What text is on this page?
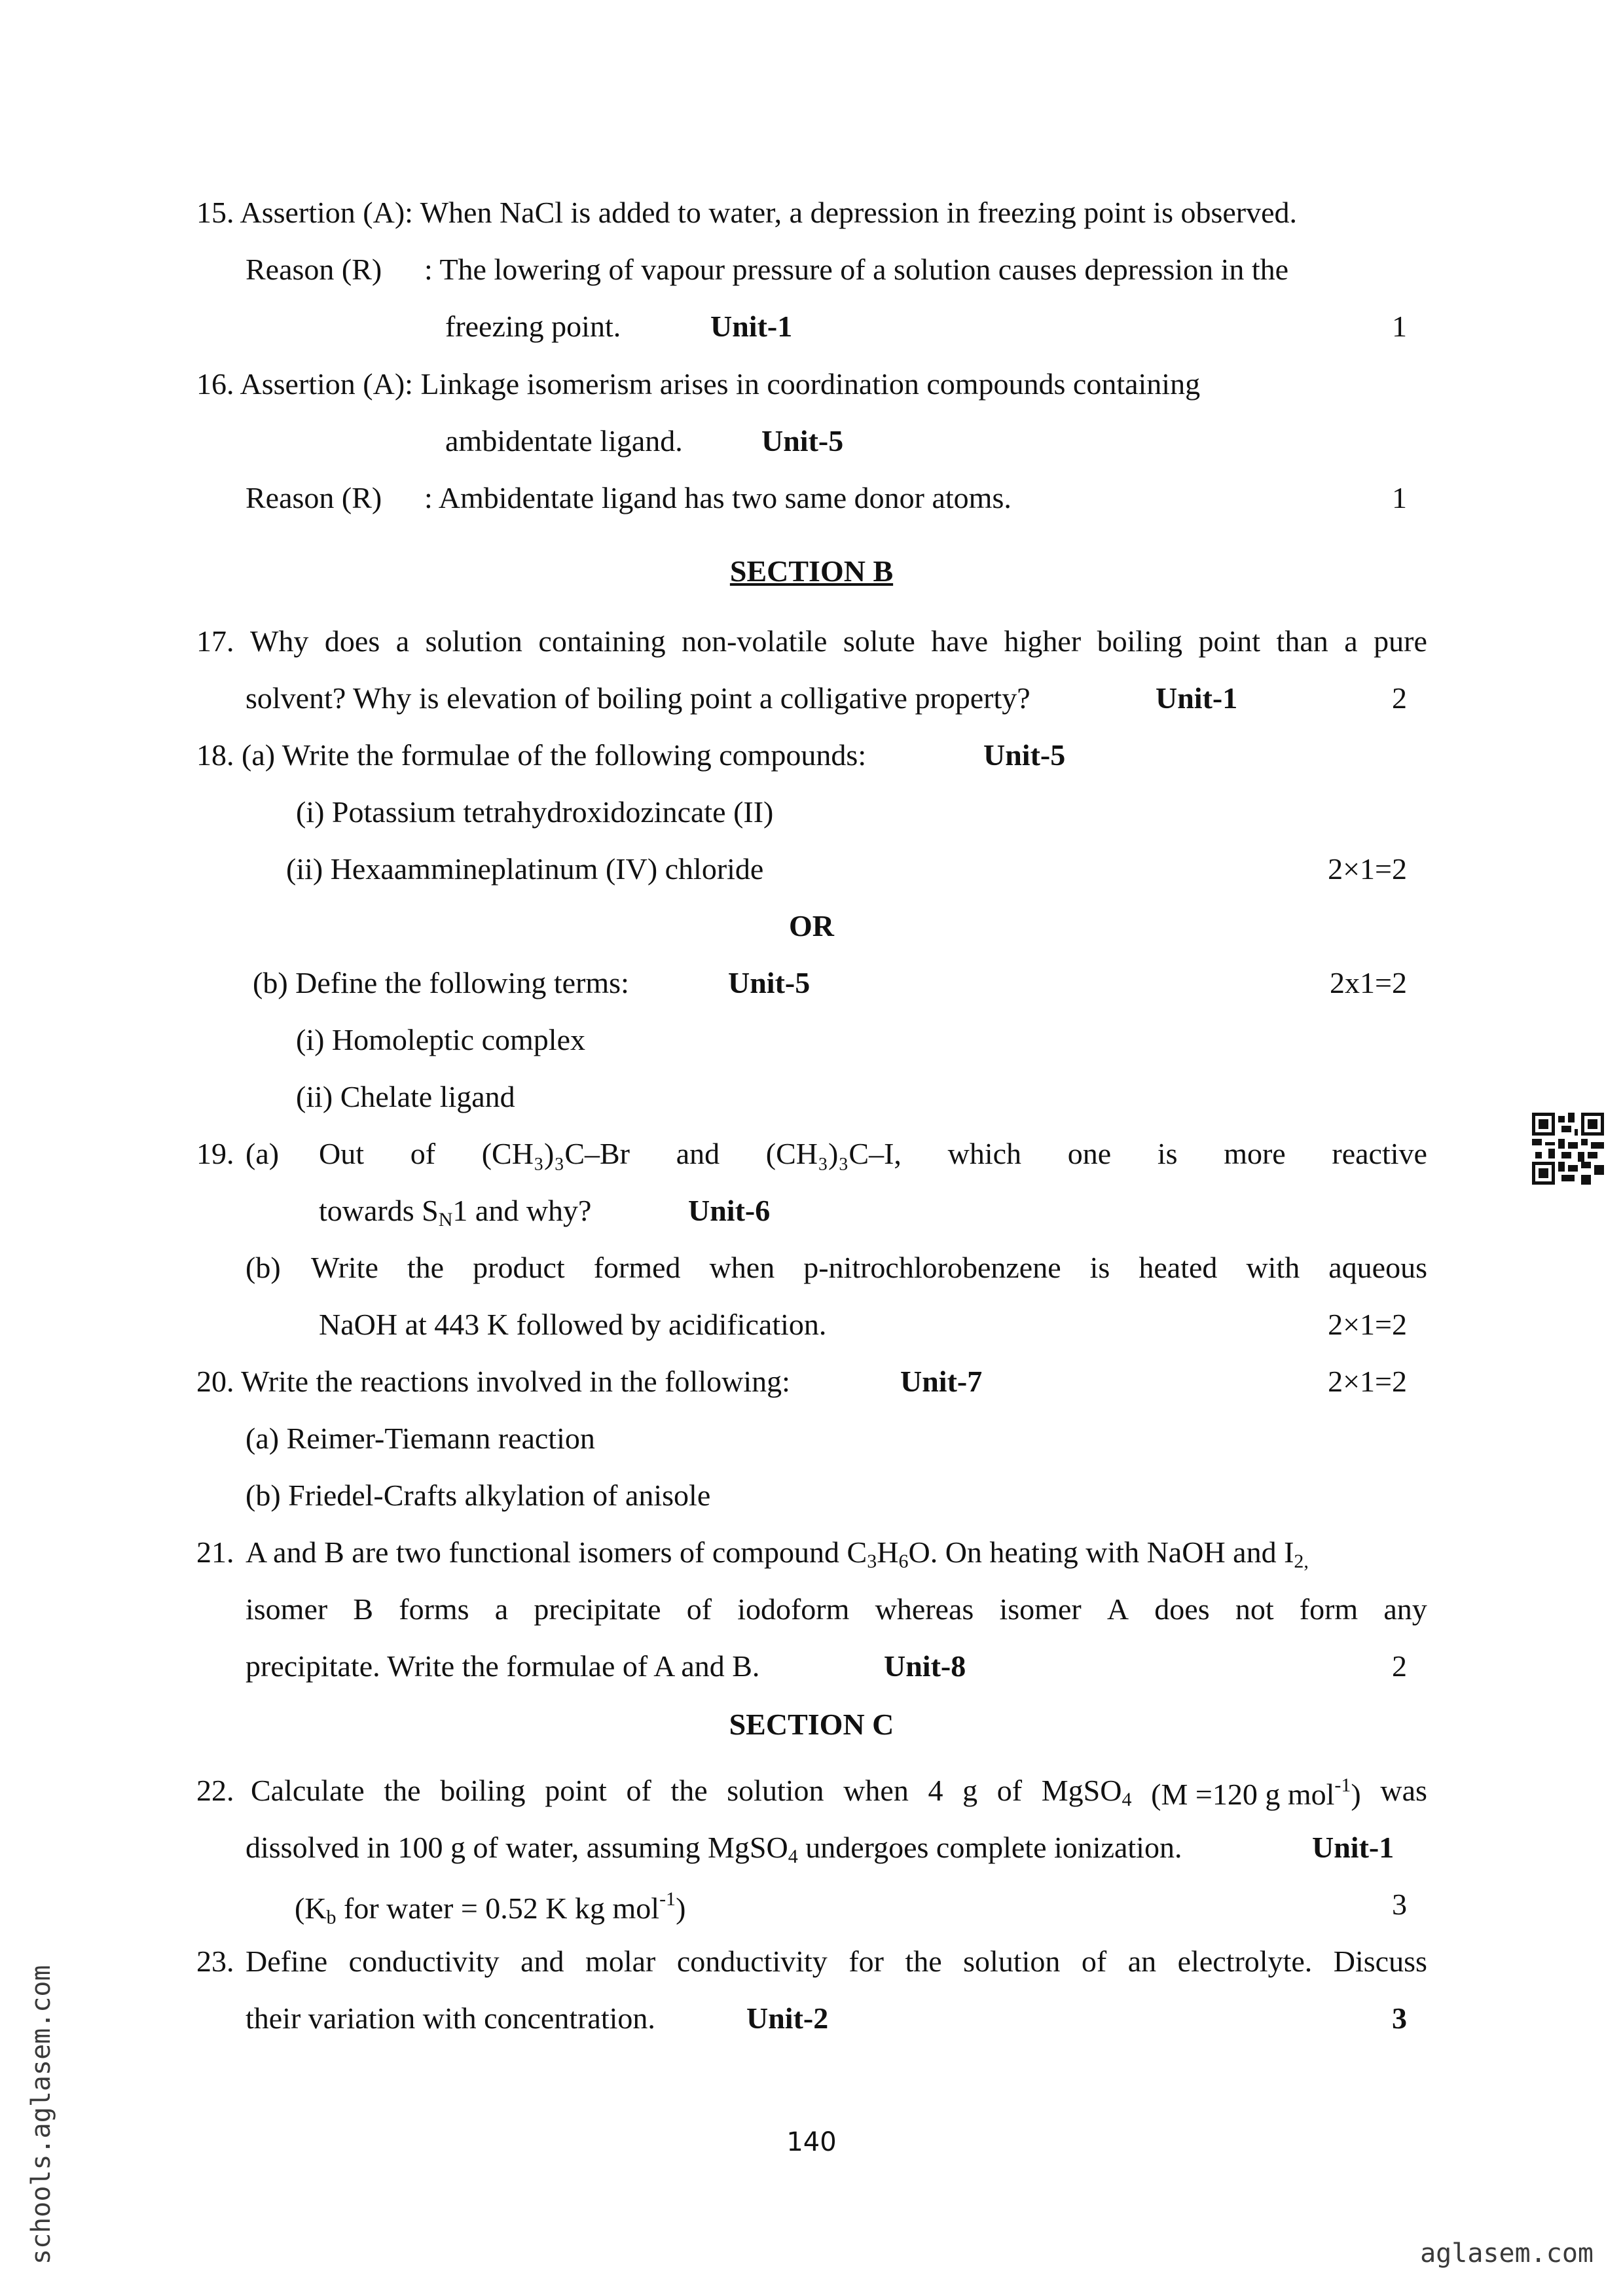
15. Assertion (A): When NaCl is added to water, a depression in freezing point is observed.
Reason (R) : The lowering of vapour pressure of a solution causes depression in the
freezing point.	Unit-1	1
16. Assertion (A): Linkage isomerism arises in coordination compounds containing
ambidentate ligand.	Unit-5
Reason (R) : Ambidentate ligand has two same donor atoms.	1
SECTION B
17. Why does a solution containing non-volatile solute have higher boiling point than a pure
solvent? Why is elevation of boiling point a colligative property?	Unit-1	2
18. (a) Write the formulae of the following compounds:	Unit-5
(i) Potassium tetrahydroxidozincate (II)
(ii) Hexaammineplatinum (IV) chloride	2×1=2
OR
(b) Define the following terms:	Unit-5	2x1=2
(i) Homoleptic complex
(ii) Chelate ligand
19. (a) Out of (CH₃)₃C–Br and (CH₃)₃C–I, which one is more reactive
towards $S_N1$ and why?	Unit-6
(b) Write the product formed when p-nitrochlorobenzene is heated with aqueous
NaOH at 443 K followed by acidification.	2×1=2
20. Write the reactions involved in the following:	Unit-7	2×1=2
(a) Reimer-Tiemann reaction
(b) Friedel-Crafts alkylation of anisole
21. A and B are two functional isomers of compound $C_3H_6O$. On heating with NaOH and $I_{2,}$
isomer B forms a precipitate of iodoform whereas isomer A does not form any
precipitate. Write the formulae of A and B.	Unit-8	2
SECTION C
22. Calculate the boiling point of the solution when 4 g of MgSO$_4$ (M =120 g mol$^{-1}$) was
dissolved in 100 g of water, assuming MgSO$_4$ undergoes complete ionization.	Unit-1
($K_b$ for water = 0.52 K kg mol$^{-1}$)	3
23. Define conductivity and molar conductivity for the solution of an electrolyte. Discuss
their variation with concentration.	Unit-2	3
140
schools.aglasem.com	aglasem.com
